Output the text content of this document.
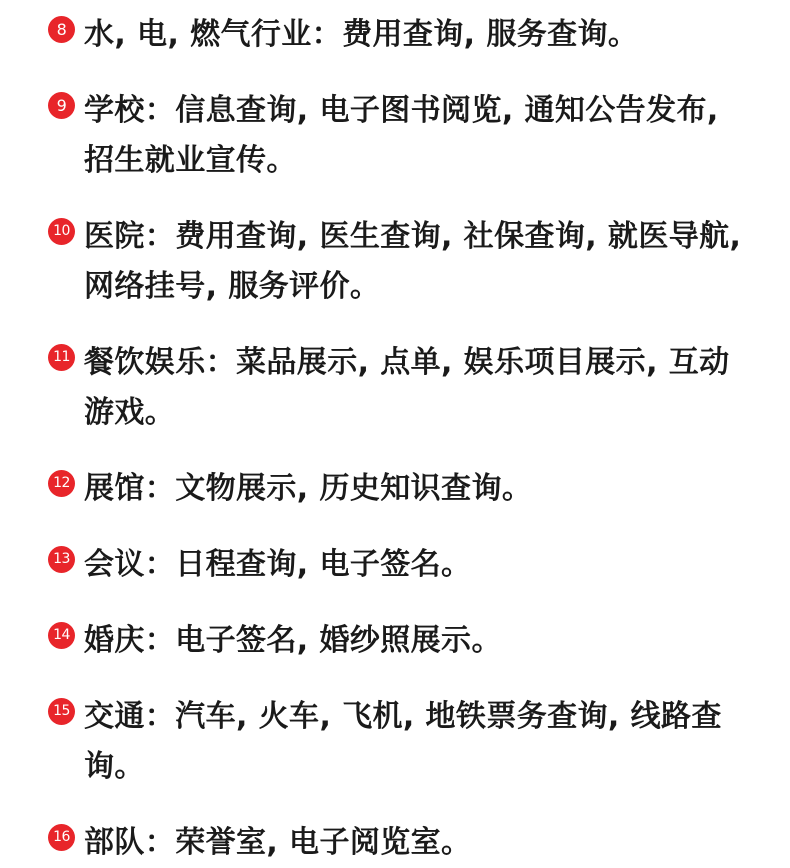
8 水, 电, 燃气行业：费用查询, 服务查询。
9 学校：信息查询, 电子图书阅览, 通知公告发布, 招生就业宣传。
10 医院：费用查询, 医生查询, 社保查询, 就医导航, 网络挂号, 服务评价。
11 餐饮娱乐：菜品展示, 点单, 娱乐项目展示, 互动游戏。
12 展馆：文物展示, 历史知识查询。
13 会议：日程查询, 电子签名。
14 婚庆：电子签名, 婚纱照展示。
15 交通：汽车, 火车, 飞机, 地铁票务查询, 线路查询。
16 部队：荣誉室, 电子阅览室。
